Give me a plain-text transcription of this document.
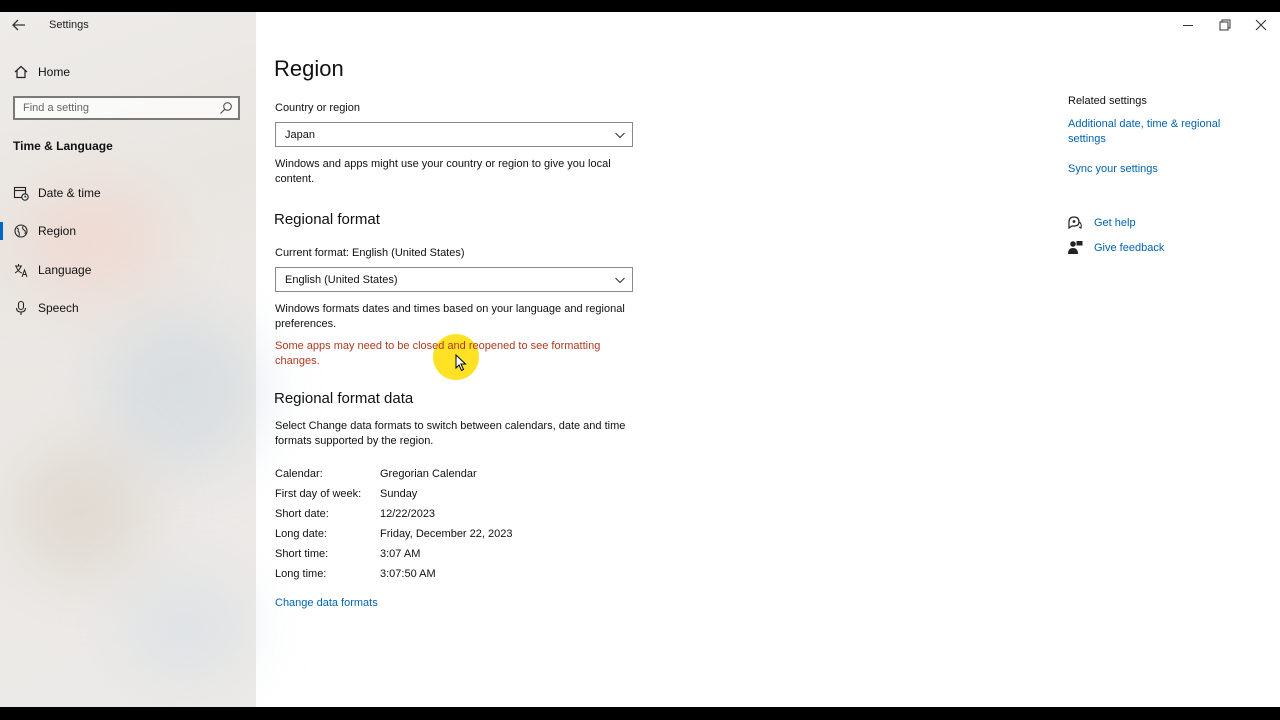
Settings
Home
Find a setting
Time & Language
Date & time
Region
Language
Speech
Region
Country or region
Japan
Windows and apps might use your country or region to give you local
content.
Regional format
Current format: English (United States)
English (United States)
Windows formats dates and times based on your language and regional
preferences.
Some apps may need to be closed and reopened to see formatting
changes.
Regional format data
Select Change data formats to switch between calendars, date and time
formats supported by the region.
Calendar:	Gregorian Calendar
First day of week: Sunday
Short date:	12/22/2023
Long date:	Friday, December 22, 2023
Short time:	3:07 AM
Long time:	3:07:50 AM
Change data formats
Related settings
Additional date, time & regional
settings
Sync your settings
Get help
Give feedback
